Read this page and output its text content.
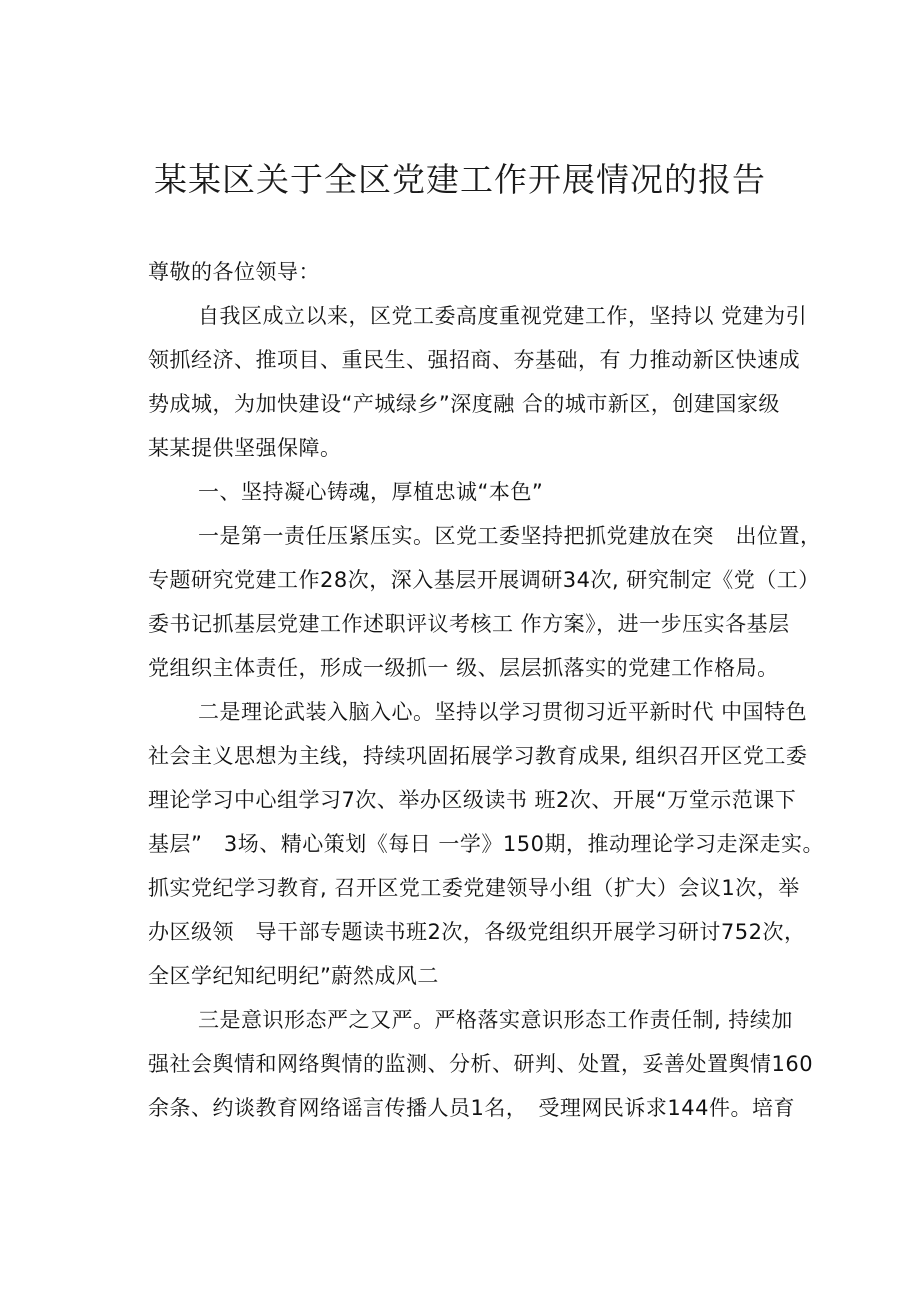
某某区关于全区党建工作开展情况的报告
尊敬的各位领导：
自我区成立以来，区党工委高度重视党建工作，坚持以 党建为引
领抓经济、推项目、重民生、强招商、夯基础，有 力推动新区快速成
势成城，为加快建设“产城绿乡”深度融 合的城市新区，创建国家级
某某提供坚强保障。
一、坚持凝心铸魂，厚植忠诚“本色”
一是第一责任压紧压实。区党工委坚持把抓党建放在突　出位置，
专题研究党建工作28次，深入基层开展调研34次, 研究制定《党（工）
委书记抓基层党建工作述职评议考核工 作方案》，进一步压实各基层
党组织主体责任，形成一级抓一 级、层层抓落实的党建工作格局。
二是理论武装入脑入心。坚持以学习贯彻习近平新时代 中国特色
社会主义思想为主线，持续巩固拓展学习教育成果, 组织召开区党工委
理论学习中心组学习7次、举办区级读书 班2次、开展“万堂示范课下
基层”　3场、精心策划《每日 一学》150期，推动理论学习走深走实。
抓实党纪学习教育, 召开区党工委党建领导小组（扩大）会议1次，举
办区级领　导干部专题读书班2次，各级党组织开展学习研讨752次，
全区学纪知纪明纪”蔚然成风二
三是意识形态严之又严。严格落实意识形态工作责任制, 持续加
强社会舆情和网络舆情的监测、分析、研判、处置，妥善处置舆情160
余条、约谈教育网络谣言传播人员1名，　受理网民诉求144件。培育
